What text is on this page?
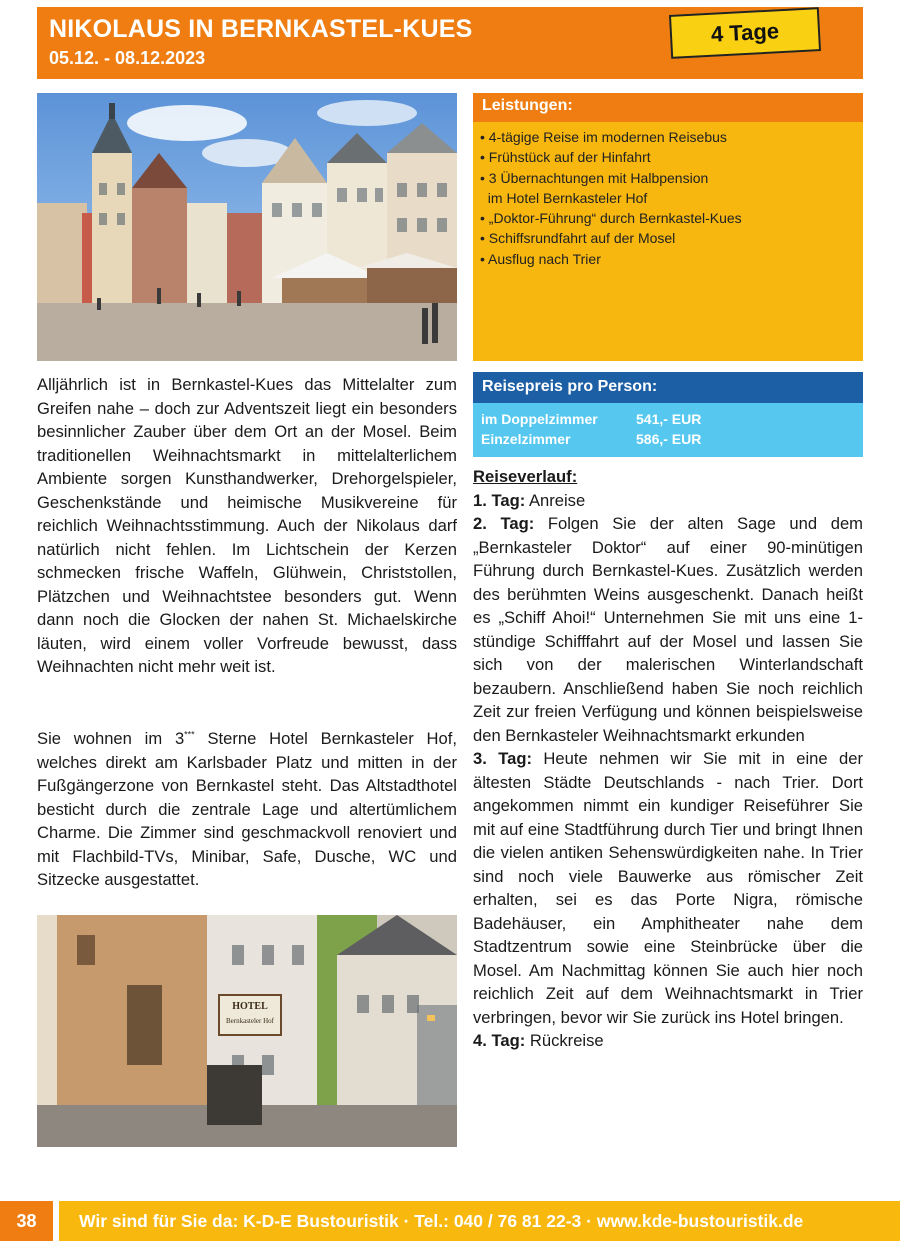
NIKOLAUS IN BERNKASTEL-KUES
05.12. - 08.12.2023
4 Tage
Leistungen:
• 4-tägige Reise im modernen Reisebus
• Frühstück auf der Hinfahrt
• 3 Übernachtungen mit Halbpension
im Hotel Bernkasteler Hof
• „Doktor-Führung“ durch Bernkastel-Kues
• Schiffsrundfahrt auf der Mosel
• Ausflug nach Trier
Reisepreis pro Person:
im Doppelzimmer	541,- EUR
Einzelzimmer	586,- EUR
Alljährlich ist in Bernkastel-Kues das Mittelalter zum Greifen nahe – doch zur Adventszeit liegt ein besonders besinnlicher Zauber über dem Ort an der Mosel. Beim traditionellen Weihnachtsmarkt in mittelalterlichem Ambiente sorgen Kunsthandwerker, Drehorgelspieler, Geschenkstände und heimische Musikvereine für reichlich Weihnachtsstimmung. Auch der Nikolaus darf natürlich nicht fehlen. Im Lichtschein der Kerzen schmecken frische Waffeln, Glühwein, Christstollen, Plätzchen und Weihnachtstee besonders gut. Wenn dann noch die Glocken der nahen St. Michaelskirche läuten, wird einem voller Vorfreude bewusst, dass Weihnachten nicht mehr weit ist.
Sie wohnen im 3*** Sterne Hotel Bernkasteler Hof, welches direkt am Karlsbader Platz und mitten in der Fußgängerzone von Bernkastel steht. Das Altstadthotel besticht durch die zentrale Lage und altertümlichem Charme. Die Zimmer sind geschmackvoll renoviert und mit Flachbild-TVs, Minibar, Safe, Dusche, WC und Sitzecke ausgestattet.
Reiseverlauf:
1. Tag: Anreise
2. Tag: Folgen Sie der alten Sage und dem „Bernkasteler Doktor“ auf einer 90-minütigen Führung durch Bernkastel-Kues. Zusätzlich werden des berühmten Weins ausgeschenkt. Danach heißt es „Schiff Ahoi!“ Unternehmen Sie mit uns eine 1-stündige Schifffahrt auf der Mosel und lassen Sie sich von der malerischen Winterlandschaft bezaubern. Anschließend haben Sie noch reichlich Zeit zur freien Verfügung und können beispielsweise den Bernkasteler Weihnachtsmarkt erkunden
3. Tag: Heute nehmen wir Sie mit in eine der ältesten Städte Deutschlands - nach Trier. Dort angekommen nimmt ein kundiger Reiseführer Sie mit auf eine Stadtführung durch Tier und bringt Ihnen die vielen antiken Sehenswürdigkeiten nahe. In Trier sind noch viele Bauwerke aus römischer Zeit erhalten, sei es das Porte Nigra, römische Badehäuser, ein Amphitheater nahe dem Stadtzentrum sowie eine Steinbrücke über die Mosel. Am Nachmittag können Sie auch hier noch reichlich Zeit auf dem Weihnachtsmarkt in Trier verbringen, bevor wir Sie zurück ins Hotel bringen.
4. Tag: Rückreise
HOTEL
Bernkasteler Hof
38	Wir sind für Sie da: K-D-E Bustouristik · Tel.: 040 / 76 81 22-3 · www.kde-bustouristik.de
